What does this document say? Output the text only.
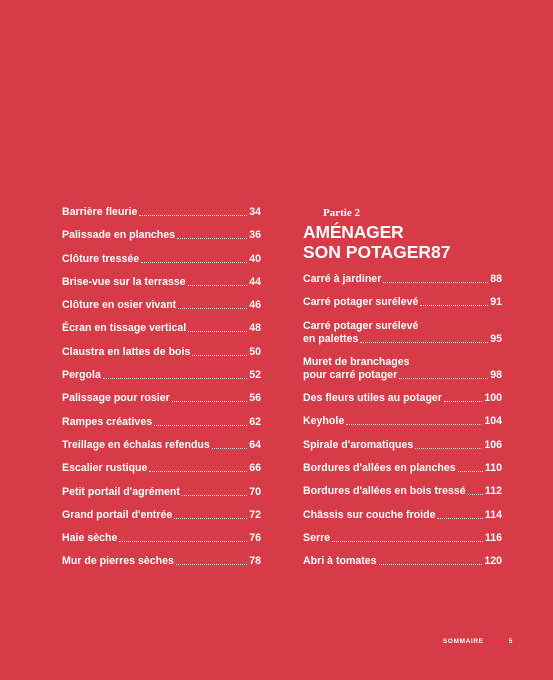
Barrière fleurie	34
Palissade en planches	36
Clôture tressée	40
Brise-vue sur la terrasse	44
Clôture en osier vivant	46
Écran en tissage vertical	48
Claustra en lattes de bois	50
Pergola	52
Palissage pour rosier	56
Rampes créatives	62
Treillage en échalas refendus	64
Escalier rustique	66
Petit portail d'agrément	70
Grand portail d'entrée	72
Haie sèche	76
Mur de pierres sèches	78
Partie 2
AMÉNAGER
SON POTAGER 87
Carré à jardiner	88
Carré potager surélevé	91
Carré potager surélevé
en palettes	95
Muret de branchages
pour carré potager	98
Des fleurs utiles au potager	100
Keyhole	104
Spirale d'aromatiques	106
Bordures d'allées en planches	110
Bordures d'allées en bois tressé 112
Châssis sur couche froide	114
Serre	116
Abri à tomates	120
SOMMAIRE	5
